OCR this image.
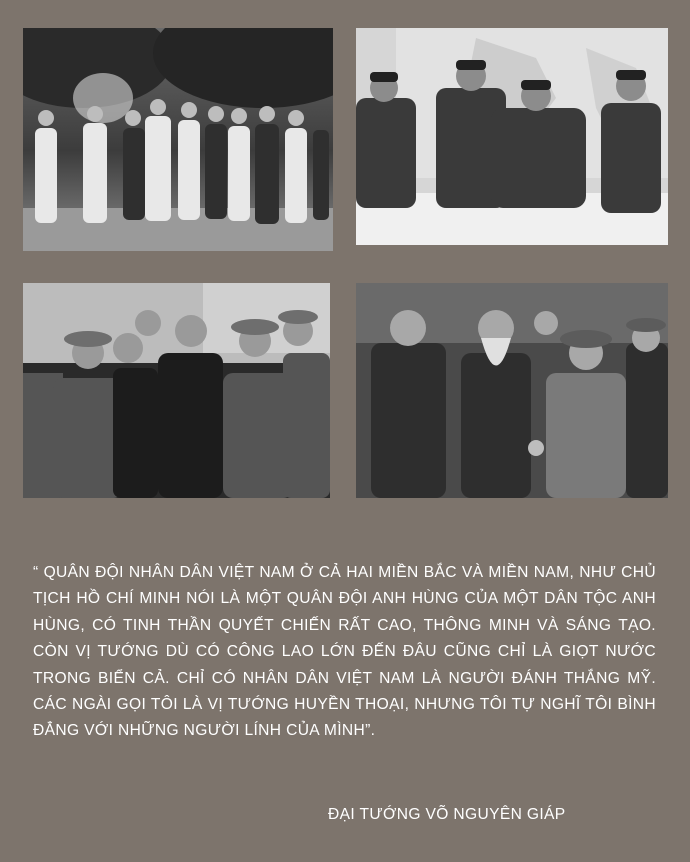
“ QUÂN ĐỘI NHÂN DÂN VIỆT NAM Ở CẢ HAI MIỀN BẮC VÀ MIỀN NAM, NHƯ CHỦ TỊCH HỒ CHÍ MINH NÓI LÀ MỘT QUÂN ĐỘI ANH HÙNG CỦA MỘT DÂN TỘC ANH HÙNG, CÓ TINH THẦN QUYẾT CHIẾN RẤT CAO, THÔNG MINH VÀ SÁNG TẠO. CÒN VỊ TƯỚNG DÙ CÓ CÔNG LAO LỚN ĐẾN ĐÂU CŨNG CHỈ LÀ GIỌT NƯỚC TRONG BIỂN CẢ. CHỈ CÓ NHÂN DÂN VIỆT NAM LÀ NGƯỜI ĐÁNH THẮNG MỸ. CÁC NGÀI GỌI TÔI LÀ VỊ TƯỚNG HUYỀN THOẠI, NHƯNG TÔI TỰ NGHĨ TÔI BÌNH ĐẲNG VỚI NHỮNG NGƯỜI LÍNH CỦA MÌNH”.

ĐẠI TƯỚNG VÕ NGUYÊN GIÁP
